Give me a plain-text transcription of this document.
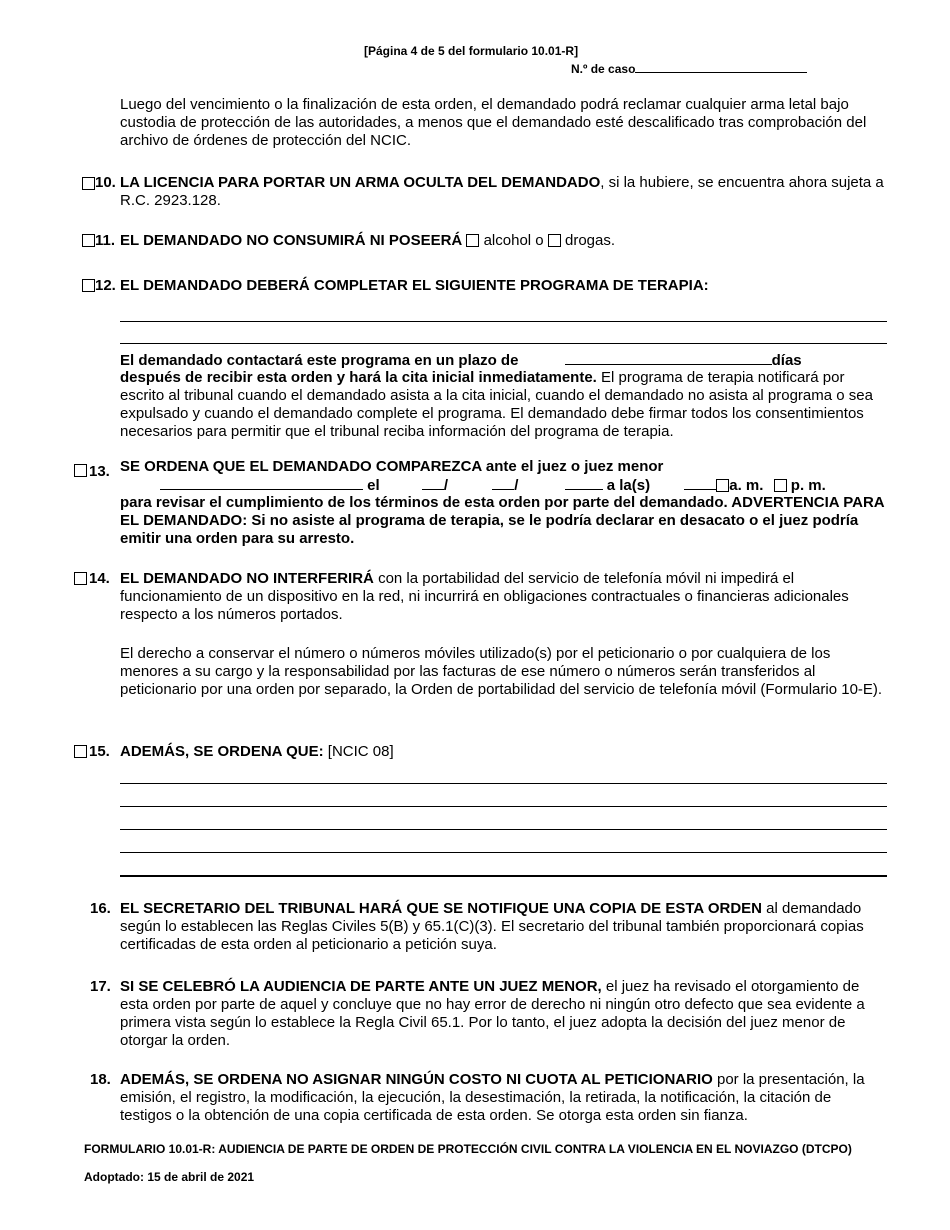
[Página 4 de 5 del formulario 10.01-R]
N.º de caso
Luego del vencimiento o la finalización de esta orden, el demandado podrá reclamar cualquier arma letal bajo custodia de protección de las autoridades, a menos que el demandado esté descalificado tras comprobación del archivo de órdenes de protección del NCIC.
10. LA LICENCIA PARA PORTAR UN ARMA OCULTA DEL DEMANDADO, si la hubiere, se encuentra ahora sujeta a R.C. 2923.128.
11. EL DEMANDADO NO CONSUMIRÁ NI POSEERÁ alcohol o drogas.
12. EL DEMANDADO DEBERÁ COMPLETAR EL SIGUIENTE PROGRAMA DE TERAPIA:
El demandado contactará este programa en un plazo de	días
después de recibir esta orden y hará la cita inicial inmediatamente. El programa de terapia notificará por escrito al tribunal cuando el demandado asista a la cita inicial, cuando el demandado no asista al programa o sea expulsado y cuando el demandado complete el programa. El demandado debe firmar todos los consentimientos necesarios para permitir que el tribunal reciba información del programa de terapia.
13. SE ORDENA QUE EL DEMANDADO COMPAREZCA ante el juez o juez menor
el	/	/	a la(s)	a. m. p. m.
para revisar el cumplimiento de los términos de esta orden por parte del demandado. ADVERTENCIA PARA EL DEMANDADO: Si no asiste al programa de terapia, se le podría declarar en desacato o el juez podría emitir una orden para su arresto.
14. EL DEMANDADO NO INTERFERIRÁ con la portabilidad del servicio de telefonía móvil ni impedirá el funcionamiento de un dispositivo en la red, ni incurrirá en obligaciones contractuales o financieras adicionales respecto a los números portados.
El derecho a conservar el número o números móviles utilizado(s) por el peticionario o por cualquiera de los menores a su cargo y la responsabilidad por las facturas de ese número o números serán transferidos al peticionario por una orden por separado, la Orden de portabilidad del servicio de telefonía móvil (Formulario 10-E).
15. ADEMÁS, SE ORDENA QUE: [NCIC 08]
16. EL SECRETARIO DEL TRIBUNAL HARÁ QUE SE NOTIFIQUE UNA COPIA DE ESTA ORDEN al demandado según lo establecen las Reglas Civiles 5(B) y 65.1(C)(3). El secretario del tribunal también proporcionará copias certificadas de esta orden al peticionario a petición suya.
17. SI SE CELEBRÓ LA AUDIENCIA DE PARTE ANTE UN JUEZ MENOR, el juez ha revisado el otorgamiento de esta orden por parte de aquel y concluye que no hay error de derecho ni ningún otro defecto que sea evidente a primera vista según lo establece la Regla Civil 65.1. Por lo tanto, el juez adopta la decisión del juez menor de otorgar la orden.
18. ADEMÁS, SE ORDENA NO ASIGNAR NINGÚN COSTO NI CUOTA AL PETICIONARIO por la presentación, la emisión, el registro, la modificación, la ejecución, la desestimación, la retirada, la notificación, la citación de testigos o la obtención de una copia certificada de esta orden. Se otorga esta orden sin fianza.
FORMULARIO 10.01-R: AUDIENCIA DE PARTE DE ORDEN DE PROTECCIÓN CIVIL CONTRA LA VIOLENCIA EN EL NOVIAZGO (DTCPO)
Adoptado: 15 de abril de 2021
